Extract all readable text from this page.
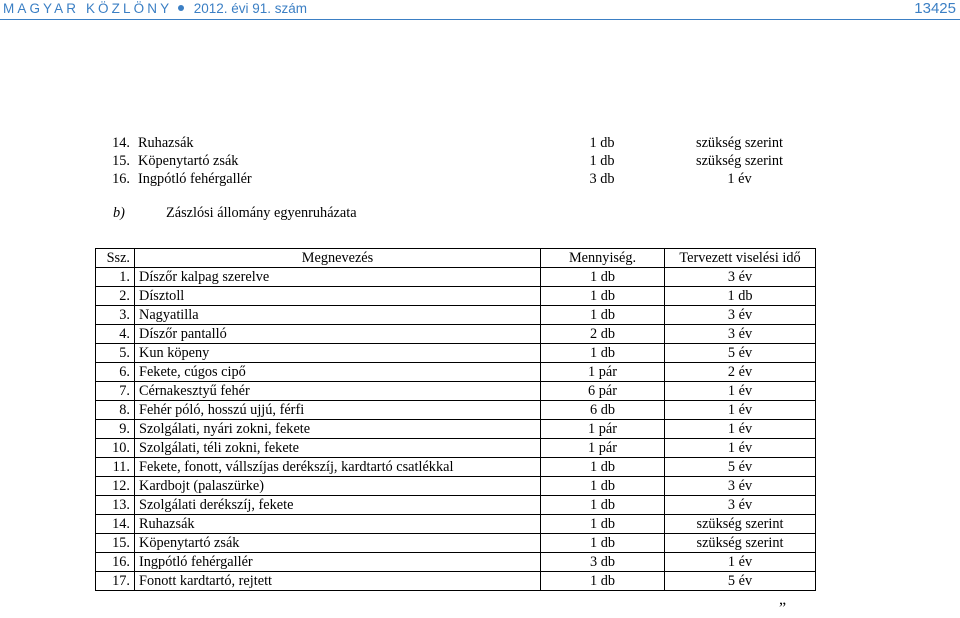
MAGYAR KÖZLÖNY 2012. évi 91. szám	13425
14.	Ruhazsák	1 db	szükség szerint
15.	Köpenytartó zsák	1 db	szükség szerint
16.	Ingpótló fehérgallér	3 db	1 év
b)	Zászlósi állomány egyenruházata
Ssz.	Megnevezés	Mennyiség.	Tervezett viselési idő
1.	Díszőr kalpag szerelve	1 db	3 év
2.	Dísztoll	1 db	1 db
3.	Nagyatilla	1 db	3 év
4.	Díszőr pantalló	2 db	3 év
5.	Kun köpeny	1 db	5 év
6.	Fekete, cúgos cipő	1 pár	2 év
7.	Cérnakesztyű fehér	6 pár	1 év
8.	Fehér póló, hosszú ujjú, férfi	6 db	1 év
9.	Szolgálati, nyári zokni, fekete	1 pár	1 év
10.	Szolgálati, téli zokni, fekete	1 pár	1 év
11.	Fekete, fonott, vállszíjas derékszíj, kardtartó csatlékkal	1 db	5 év
12.	Kardbojt (palaszürke)	1 db	3 év
13.	Szolgálati derékszíj, fekete	1 db	3 év
14.	Ruhazsák	1 db	szükség szerint
15.	Köpenytartó zsák	1 db	szükség szerint
16.	Ingpótló fehérgallér	3 db	1 év
17.	Fonott kardtartó, rejtett	1 db	5 év
”
